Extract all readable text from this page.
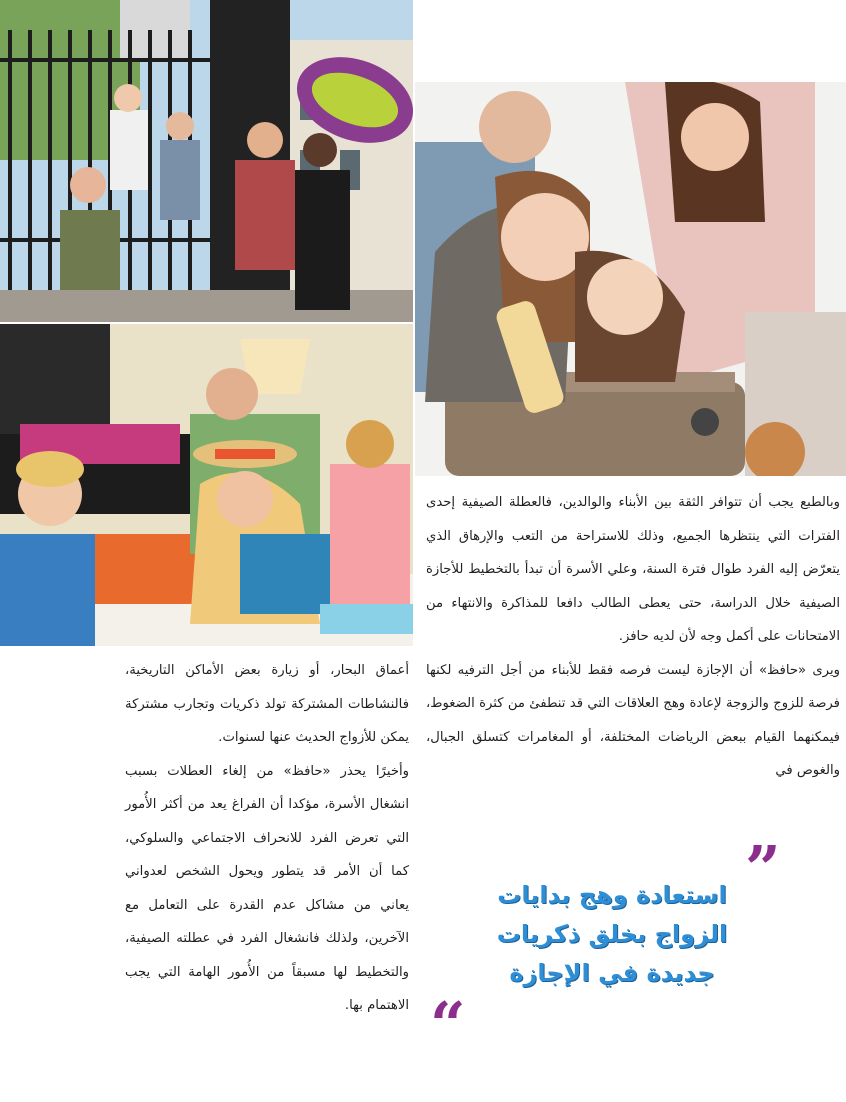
وبالطبع يجب أن تتوافر الثقة بين الأبناء والوالدين، فالعطلة الصيفية إحدى الفترات التي ينتظرها الجميع، وذلك للاستراحة من التعب والإرهاق الذي يتعرّض إليه الفرد طوال فترة السنة، وعلي الأسرة أن تبدأ بالتخطيط للأجازة الصيفية خلال الدراسة، حتى يعطى الطالب دافعا للمذاكرة والانتهاء من الامتحانات على أكمل وجه لأن لديه حافز.

ويرى «حافظ» أن الإجازة ليست فرصه فقط للأبناء من أجل الترفيه لكنها فرصة للزوج والزوجة لإعادة وهج العلاقات التي قد تنطفئ من كثرة الضغوط، فيمكنهما القيام ببعض الرياضات المختلفة، أو المغامرات كتسلق الجبال، والغوص في

أعماق البحار، أو زيارة بعض الأماكن التاريخية، فالنشاطات المشتركة تولد ذكريات وتجارب مشتركة يمكن للأزواج الحديث عنها لسنوات.

وأخيرًا يحذر «حافظ» من إلغاء العطلات بسبب انشغال الأسرة، مؤكدا أن الفراغ يعد من أكثر الأُمور التي تعرض الفرد للانحراف الاجتماعي والسلوكي، كما أن الأمر قد يتطور ويحول الشخص لعدواني يعاني من مشاكل عدم القدرة على التعامل مع الآخرين، ولذلك فانشغال الفرد في عطلته الصيفية، والتخطيط لها مسبقاً من الأُمور الهامة التي يجب الاهتمام بها.

”
استعادة وهج بدايات
الزواج بخلق ذكريات
جديدة في الإجازة
“
